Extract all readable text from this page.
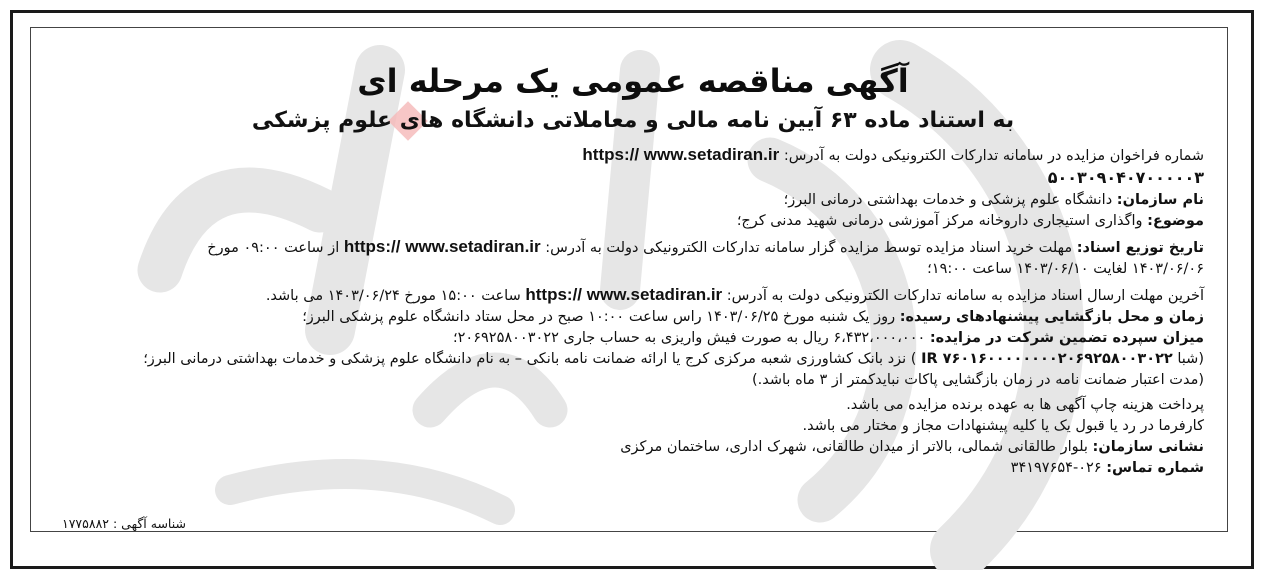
آگهی مناقصه عمومی یک مرحله ای
به استناد ماده ۶۳ آیین نامه مالی و معاملاتی دانشگاه های علوم پزشکی

شماره فراخوان مزایده در سامانه تدارکات الکترونیکی دولت به آدرس: https:// www.setadiran.ir

۵۰۰۳۰۹۰۴۰۷۰۰۰۰۰۳

نام سازمان: دانشگاه علوم پزشکی و خدمات بهداشتی درمانی البرز؛

موضوع: واگذاری استیجاری داروخانه مرکز آموزشی درمانی شهید مدنی کرج؛

تاریخ توزیع اسناد: مهلت خرید اسناد مزایده توسط مزایده گزار سامانه تدارکات الکترونیکی دولت به آدرس: https:// www.setadiran.ir از ساعت ۰۹:۰۰ مورخ

۱۴۰۳/۰۶/۰۶ لغایت ۱۴۰۳/۰۶/۱۰ ساعت ۱۹:۰۰؛

آخرین مهلت ارسال اسناد مزایده به سامانه تدارکات الکترونیکی دولت به آدرس: https:// www.setadiran.ir ساعت ۱۵:۰۰ مورخ ۱۴۰۳/۰۶/۲۴ می باشد.

زمان و محل بازگشایی پیشنهادهای رسیده: روز یک شنبه مورخ ۱۴۰۳/۰۶/۲۵ راس ساعت ۱۰:۰۰ صبح در محل ستاد دانشگاه علوم پزشکی البرز؛

میزان سپرده تضمین شرکت در مزایده: ۶،۴۳۲،۰۰۰،۰۰۰ ریال به صورت فیش واریزی به حساب جاری ۲۰۶۹۲۵۸۰۰۳۰۲۲؛

(شبا IR ۷۶۰۱۶۰۰۰۰۰۰۰۰۲۰۶۹۲۵۸۰۰۳۰۲۲ ) نزد بانک کشاورزی شعبه مرکزی کرج یا ارائه ضمانت نامه بانکی – به نام دانشگاه علوم پزشکی و خدمات بهداشتی درمانی البرز؛

(مدت اعتبار ضمانت نامه در زمان بازگشایی پاکات نبایدکمتر از ۳ ماه باشد.)

پرداخت هزینه چاپ آگهی ها به عهده برنده مزایده می باشد.

کارفرما در رد یا قبول یک یا کلیه پیشنهادات مجاز و مختار می باشد.

نشانی سازمان: بلوار طالقانی شمالی، بالاتر از میدان طالقانی، شهرک اداری، ساختمان مرکزی

شماره تماس: ۰۲۶-۳۴۱۹۷۶۵۴

شناسه آگهی : ۱۷۷۵۸۸۲
